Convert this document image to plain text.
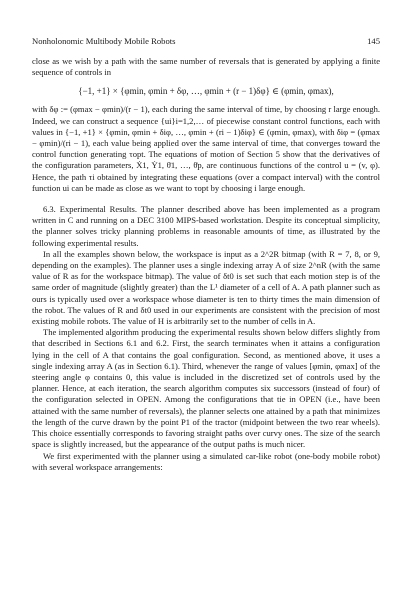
Nonholonomic Multibody Mobile Robots	145

close as we wish by a path with the same number of reversals that is generated by applying a finite sequence of controls in

{−1, +1} × {φmin, φmin + δφ, …, φmin + (r − 1)δφ} ∈ (φmin, φmax),

with δφ := (φmax − φmin)/(r − 1), each during the same interval of time, by choosing r large enough. Indeed, we can construct a sequence {ui}i=1,2,… of piecewise constant control functions, each with values in {−1, +1} × {φmin, φmin + δiφ, …, φmin + (ri − 1)δiφ} ∈ (φmin, φmax), with δiφ = (φmax − φmin)/(ri − 1), each value being applied over the same interval of time, that converges toward the control function generating τopt. The equations of motion of Section 5 show that the derivatives of the configuration parameters, Ẋ1, Ẏ1, θ̇1, …, θ̇p, are continuous functions of the control u = (v, φ). Hence, the path τi obtained by integrating these equations (over a compact interval) with the control function ui can be made as close as we want to τopt by choosing i large enough.

6.3. Experimental Results. The planner described above has been implemented as a program written in C and running on a DEC 3100 MIPS-based workstation. Despite its conceptual simplicity, the planner solves tricky planning problems in reasonable amounts of time, as illustrated by the following experimental results.

In all the examples shown below, the workspace is input as a 2^2R bitmap (with R = 7, 8, or 9, depending on the examples). The planner uses a single indexing array A of size 2^nR (with the same value of R as for the workspace bitmap). The value of δt0 is set such that each motion step is of the same order of magnitude (slightly greater) than the L¹ diameter of a cell of A. A path planner such as ours is typically used over a workspace whose diameter is ten to thirty times the main dimension of the robot. The values of R and δt0 used in our experiments are consistent with the precision of most existing mobile robots. The value of H is arbitrarily set to the number of cells in A.

The implemented algorithm producing the experimental results shown below differs slightly from that described in Sections 6.1 and 6.2. First, the search terminates when it attains a configuration lying in the cell of A that contains the goal configuration. Second, as mentioned above, it uses a single indexing array A (as in Section 6.1). Third, whenever the range of values [φmin, φmax] of the steering angle φ contains 0, this value is included in the discretized set of controls used by the planner. Hence, at each iteration, the search algorithm computes six successors (instead of four) of the configuration selected in OPEN. Among the configurations that tie in OPEN (i.e., have been attained with the same number of reversals), the planner selects one attained by a path that minimizes the length of the curve drawn by the point P1 of the tractor (midpoint between the two rear wheels). This choice essentially corresponds to favoring straight paths over curvy ones. The size of the search space is slightly increased, but the appearance of the output paths is much nicer.

We first experimented with the planner using a simulated car-like robot (one-body mobile robot) with several workspace arrangements:
